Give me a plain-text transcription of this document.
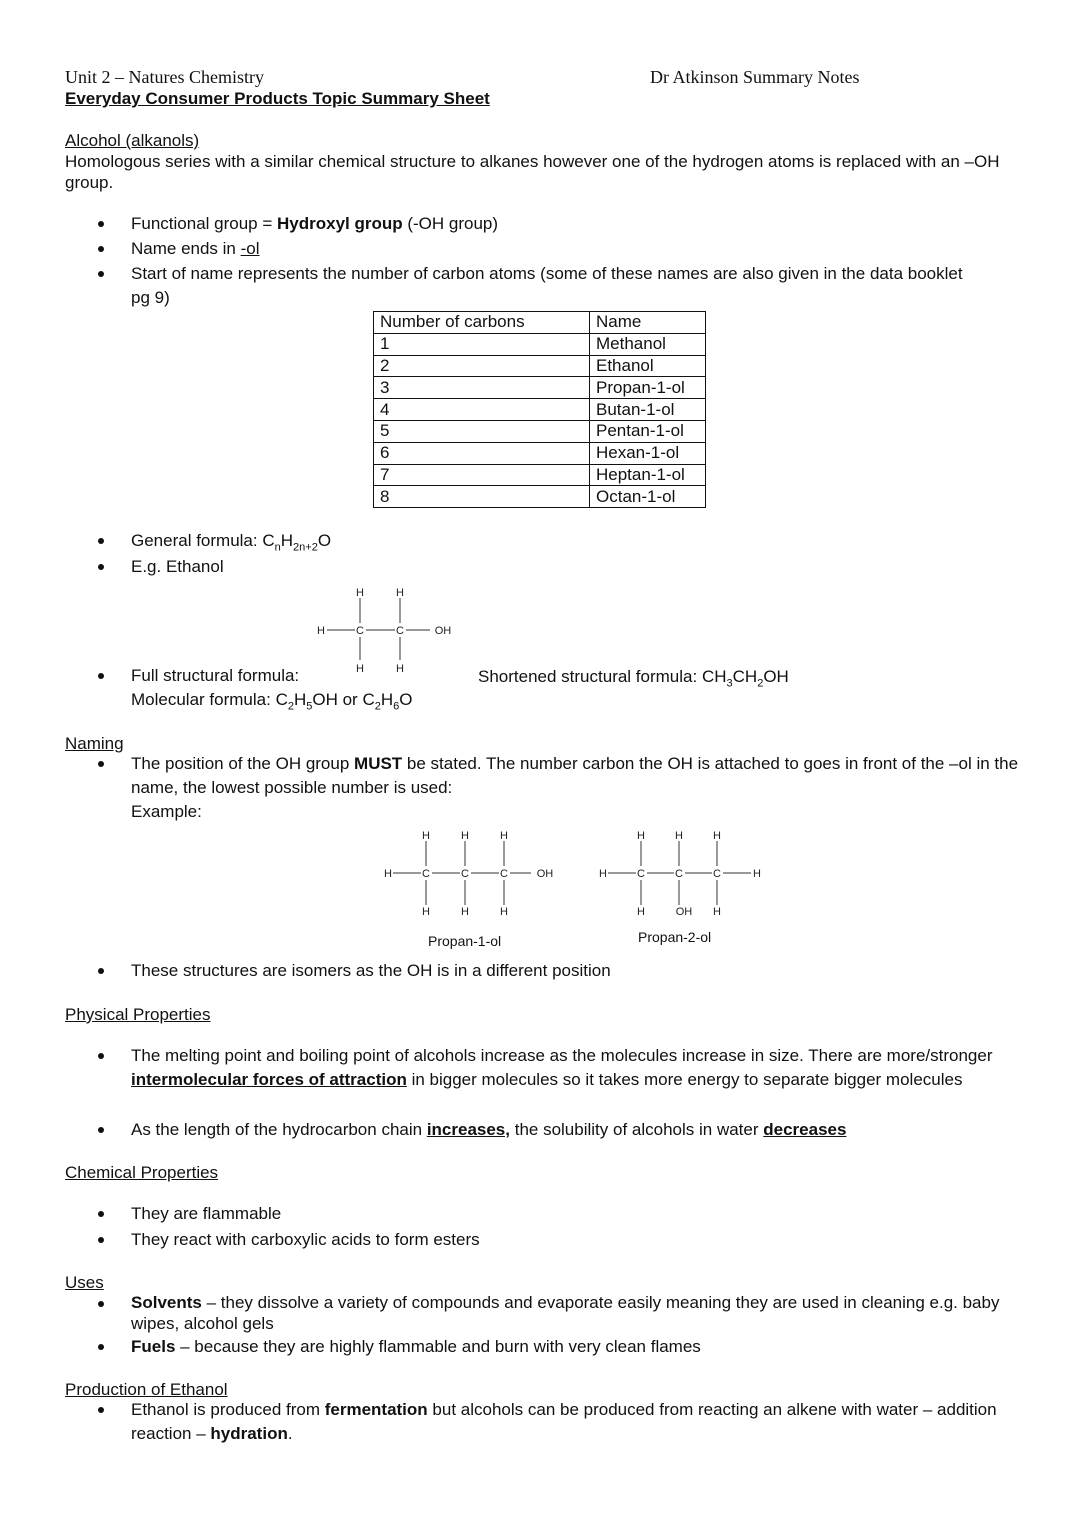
Unit 2 – Natures Chemistry	Dr Atkinson Summary Notes
Everyday Consumer Products Topic Summary Sheet
Alcohol (alkanols)
Homologous series with a similar chemical structure to alkanes however one of the hydrogen atoms is replaced with an –OH group.
Functional group = Hydroxyl group (-OH group)
Name ends in -ol
Start of name represents the number of carbon atoms (some of these names are also given in the data booklet pg 9)
Number of carbons	Name
1	Methanol
2	Ethanol
3	Propan-1-ol
4	Butan-1-ol
5	Pentan-1-ol
6	Hexan-1-ol
7	Heptan-1-ol
8	Octan-1-ol
General formula: $C_nH_{2n+2}O$
E.g. Ethanol
H	H
H	C	C	OH
H	H
Full structural formula:	Shortened structural formula: $CH_3CH_2OH$
Molecular formula: $C_2H_5OH$ or $C_2H_6O$
Naming
The position of the OH group MUST be stated. The number carbon the OH is attached to goes in front of the –ol in the name, the lowest possible number is used:
Example:
H	H	H
H	C	C	C	OH
H	H	H
Propan-1-ol
H	H	H
H	C	C	C	H
H	OH H
Propan-2-ol
These structures are isomers as the OH is in a different position
Physical Properties
The melting point and boiling point of alcohols increase as the molecules increase in size. There are more/stronger intermolecular forces of attraction in bigger molecules so it takes more energy to separate bigger molecules
As the length of the hydrocarbon chain increases, the solubility of alcohols in water decreases
Chemical Properties
They are flammable
They react with carboxylic acids to form esters
Uses
Solvents – they dissolve a variety of compounds and evaporate easily meaning they are used in cleaning e.g. baby wipes, alcohol gels
Fuels – because they are highly flammable and burn with very clean flames
Production of Ethanol
Ethanol is produced from fermentation but alcohols can be produced from reacting an alkene with water – addition reaction – hydration.
